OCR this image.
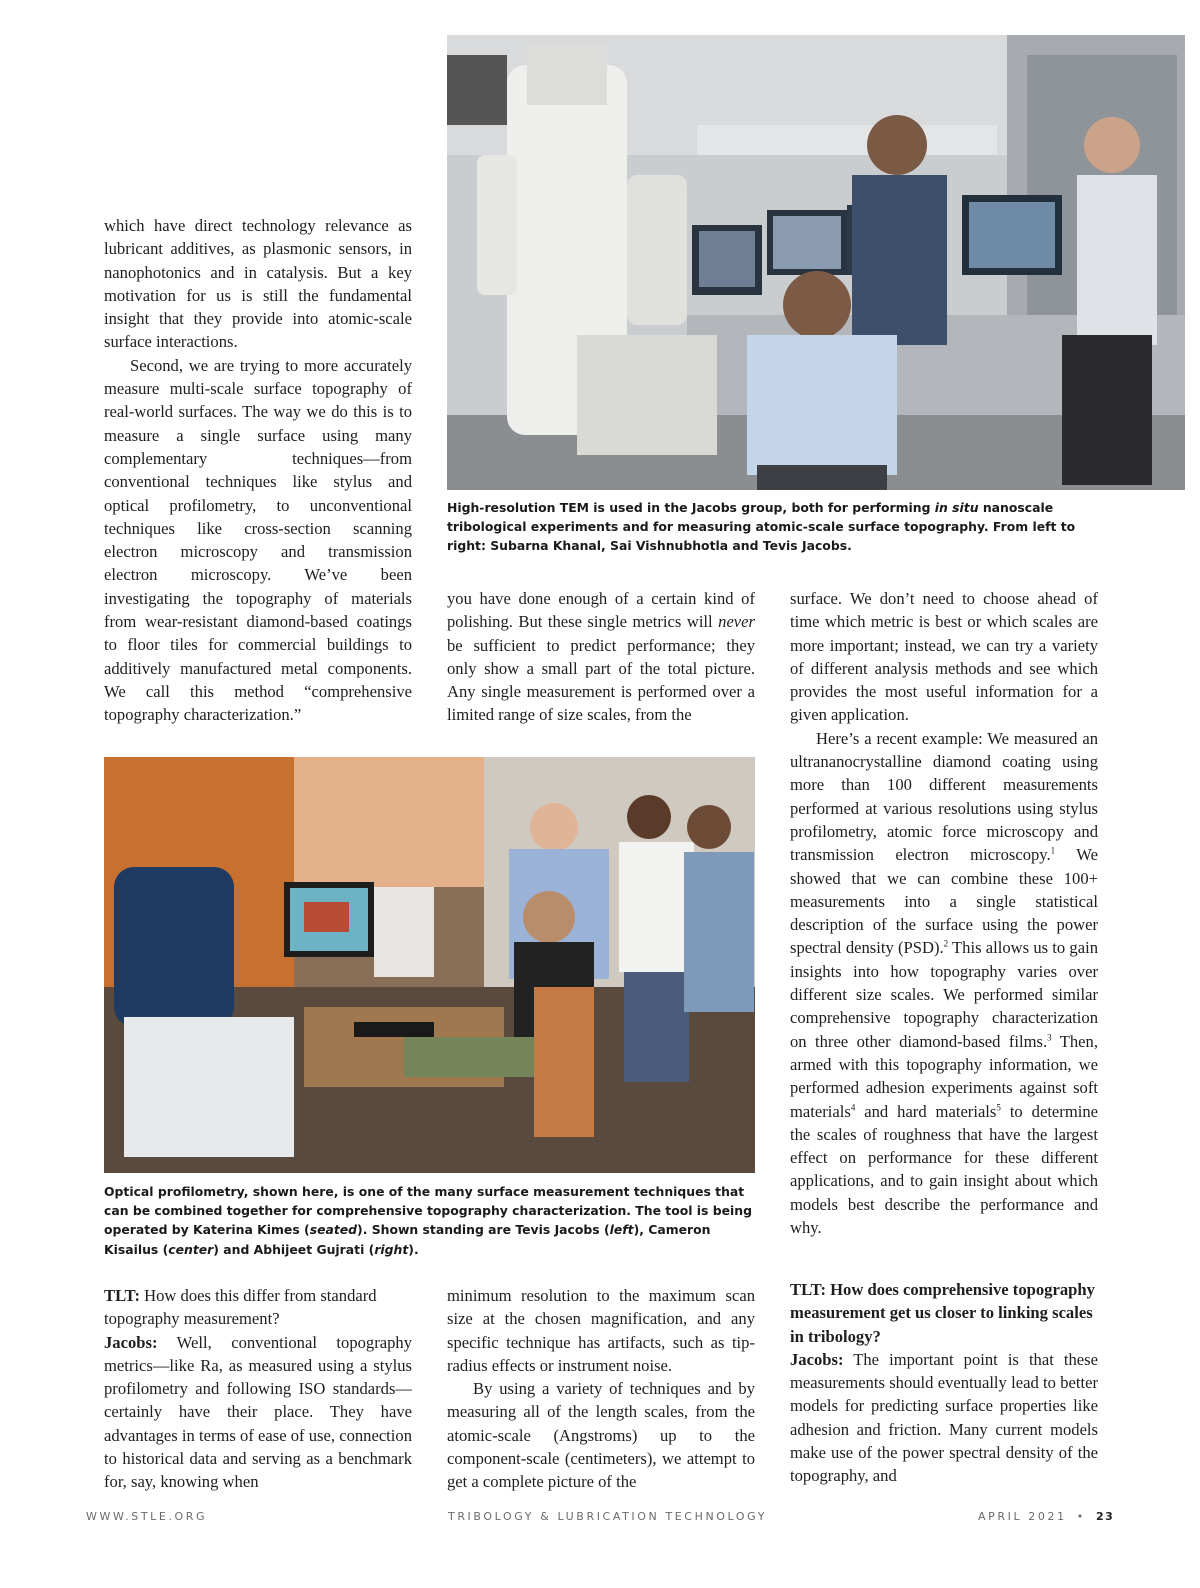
High-resolution TEM is used in the Jacobs group, both for performing in situ nanoscale tribological experiments and for measuring atomic-scale surface topography. From left to right: Subarna Khanal, Sai Vishnubhotla and Tevis Jacobs.

which have direct technology relevance as lubricant additives, as plasmonic sensors, in nanophotonics and in catalysis. But a key motivation for us is still the fundamental insight that they provide into atomic-scale surface interactions.

Second, we are trying to more accurately measure multi-scale surface topography of real-world surfaces. The way we do this is to measure a single surface using many complementary techniques—from conventional techniques like stylus and optical profilometry, to unconventional techniques like cross-section scanning electron microscopy and transmission electron microscopy. We’ve been investigating the topography of materials from wear-resistant diamond-based coatings to floor tiles for commercial buildings to additively manufactured metal components. We call this method “comprehensive topography characterization.”

you have done enough of a certain kind of polishing. But these single metrics will never be sufficient to predict performance; they only show a small part of the total picture. Any single measurement is performed over a limited range of size scales, from the

surface. We don’t need to choose ahead of time which metric is best or which scales are more important; instead, we can try a variety of different analysis methods and see which provides the most useful information for a given application.

Here’s a recent example: We measured an ultrananocrystalline diamond coating using more than 100 different measurements performed at various resolutions using stylus profilometry, atomic force microscopy and transmission electron microscopy.$^1$ We showed that we can combine these 100+ measurements into a single statistical description of the surface using the power spectral density (PSD).$^2$ This allows us to gain insights into how topography varies over different size scales. We performed similar comprehensive topography characterization on three other diamond-based films.$^3$ Then, armed with this topography information, we performed adhesion experiments against soft materials$^4$ and hard materials$^5$ to determine the scales of roughness that have the largest effect on performance for these different applications, and to gain insight about which models best describe the performance and why.

Optical profilometry, shown here, is one of the many surface measurement techniques that can be combined together for comprehensive topography characterization. The tool is being operated by Katerina Kimes (seated). Shown standing are Tevis Jacobs (left), Cameron Kisailus (center) and Abhijeet Gujrati (right).

TLT: How does this differ from standard topography measurement?

Jacobs: Well, conventional topography metrics—like Ra, as measured using a stylus profilometry and following ISO standards—certainly have their place. They have advantages in terms of ease of use, connection to historical data and serving as a benchmark for, say, knowing when

minimum resolution to the maximum scan size at the chosen magnification, and any specific technique has artifacts, such as tip-radius effects or instrument noise.

By using a variety of techniques and by measuring all of the length scales, from the atomic-scale (Angstroms) up to the component-scale (centimeters), we attempt to get a complete picture of the

TLT: How does comprehensive topography measurement get us closer to linking scales in tribology?

Jacobs: The important point is that these measurements should eventually lead to better models for predicting surface properties like adhesion and friction. Many current models make use of the power spectral density of the topography, and

WWW.STLE.ORG	TRIBOLOGY & LUBRICATION TECHNOLOGY	APRIL 2021 • 23
